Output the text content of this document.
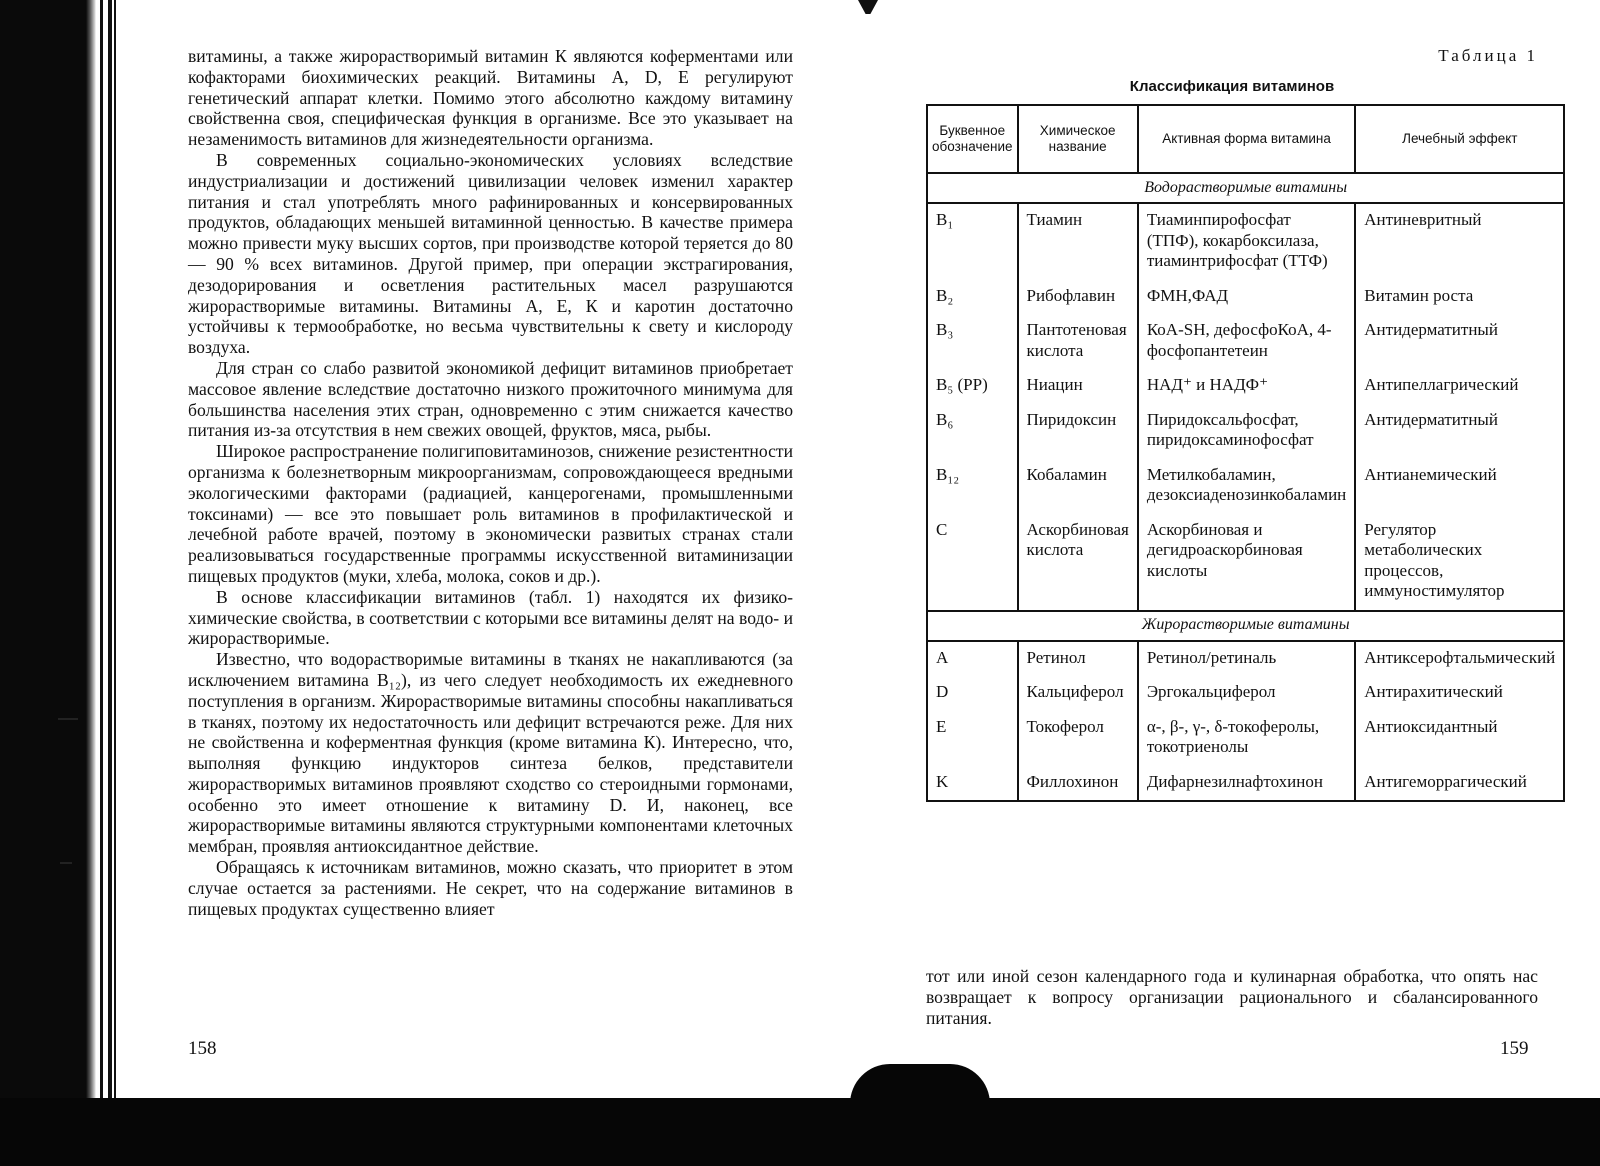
витамины, а также жирорастворимый витамин К являются коферментами или кофакторами биохимических реакций. Витамины A, D, E регулируют генетический аппарат клетки. Помимо этого абсолютно каждому витамину свойственна своя, специфическая функция в организме. Все это указывает на незаменимость витаминов для жизнедеятельности организма.

В современных социально-экономических условиях вследствие индустриализации и достижений цивилизации человек изменил характер питания и стал употреблять много рафинированных и консервированных продуктов, обладающих меньшей витаминной ценностью. В качестве примера можно привести муку высших сортов, при производстве которой теряется до 80 — 90 % всех витаминов. Другой пример, при операции экстрагирования, дезодорирования и осветления растительных масел разрушаются жирорастворимые витамины. Витамины А, Е, К и каротин достаточно устойчивы к термообработке, но весьма чувствительны к свету и кислороду воздуха.

Для стран со слабо развитой экономикой дефицит витаминов приобретает массовое явление вследствие достаточно низкого прожиточного минимума для большинства населения этих стран, одновременно с этим снижается качество питания из-за отсутствия в нем свежих овощей, фруктов, мяса, рыбы.

Широкое распространение полигиповитаминозов, снижение резистентности организма к болезнетворным микроорганизмам, сопровождающееся вредными экологическими факторами (радиацией, канцерогенами, промышленными токсинами) — все это повышает роль витаминов в профилактической и лечебной работе врачей, поэтому в экономически развитых странах стали реализовываться государственные программы искусственной витаминизации пищевых продуктов (муки, хлеба, молока, соков и др.).

В основе классификации витаминов (табл. 1) находятся их физико-химические свойства, в соответствии с которыми все витамины делят на водо- и жирорастворимые.

Известно, что водорастворимые витамины в тканях не накапливаются (за исключением витамина B₁₂), из чего следует необходимость их ежедневного поступления в организм. Жирорастворимые витамины способны накапливаться в тканях, поэтому их недостаточность или дефицит встречаются реже. Для них не свойственна и коферментная функция (кроме витамина К). Интересно, что, выполняя функцию индукторов синтеза белков, представители жирорастворимых витаминов проявляют сходство со стероидными гормонами, особенно это имеет отношение к витамину D. И, наконец, все жирорастворимые витамины являются структурными компонентами клеточных мембран, проявляя антиоксидантное действие.

Обращаясь к источникам витаминов, можно сказать, что приоритет в этом случае остается за растениями. Не секрет, что на содержание витаминов в пищевых продуктах существенно влияет

158
Таблица 1
Классификация витаминов
Буквенное обозначение	Химическое название	Активная форма витамина	Лечебный эффект
Водорастворимые витамины			
B₁	Тиамин	Тиаминпирофосфат (ТПФ), кокарбоксилаза, тиаминтрифосфат (ТТФ)	Антиневритный
B₂	Рибофлавин	ФМН,ФАД	Витамин роста
B₃	Пантотеновая кислота	КоА-SH, дефосфоКоА, 4-фосфопантетеин	Антидерматитный
B₅ (PP)	Ниацин	НАД⁺ и НАДФ⁺	Антипеллагрический
B₆	Пиридоксин	Пиридоксальфосфат, пиридоксаминофосфат	Антидерматитный
B₁₂	Кобаламин	Метилкобаламин, дезоксиаденозинкобаламин	Антианемический
C	Аскорбиновая кислота	Аскорбиновая и дегидроаскорбиновая кислоты	Регулятор метаболических процессов, иммуностимулятор
Жирорастворимые витамины			
A	Ретинол	Ретинол/ретиналь	Антиксерофтальмический
D	Кальциферол	Эргокальциферол	Антирахитический
E	Токоферол	α-, β-, γ-, δ-токоферолы, токотриенолы	Антиоксидантный
K	Филлохинон	Дифарнезилнафтохинон	Антигеморрагический

тот или иной сезон календарного года и кулинарная обработка, что опять нас возвращает к вопросу организации рационального и сбалансированного питания.

159
